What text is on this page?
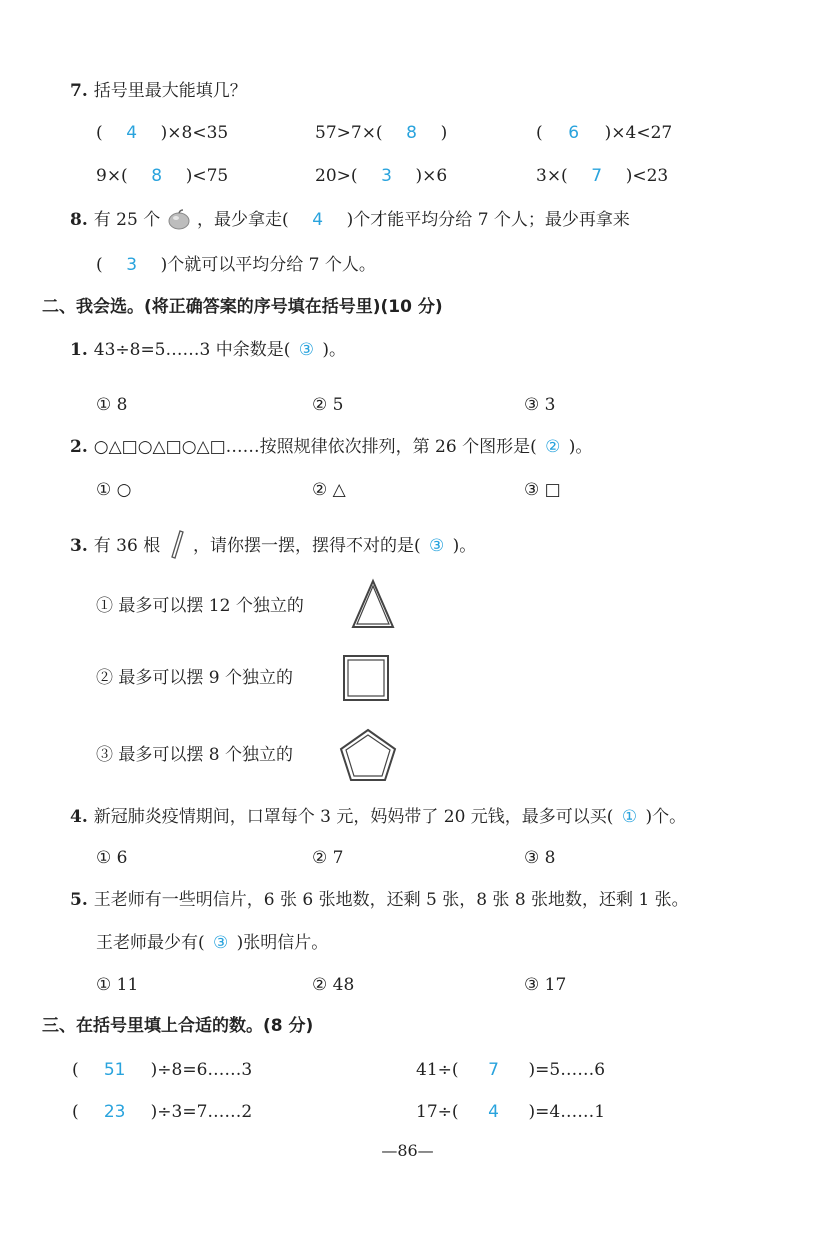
7. 括号里最大能填几？
( 4 )×8<35	57>7×( 8 )	( 6 )×4<27
9×( 8 )<75	20>( 3 )×6	3×( 7 )<23
8. 有 25 个 ，最少拿走( 4 )个才能平均分给 7 个人；最少再拿来
( 3 )个就可以平均分给 7 个人。
二、我会选。(将正确答案的序号填在括号里)(10 分)
1. 43÷8=5……3 中余数是( ③ )。
① 8	② 5	③ 3
2. ○△□○△□○△□……按照规律依次排列，第 26 个图形是( ② )。
① ○	② △	③ □
3. 有 36 根 ，请你摆一摆，摆得不对的是( ③ )。
① 最多可以摆 12 个独立的
② 最多可以摆 9 个独立的
③ 最多可以摆 8 个独立的
4. 新冠肺炎疫情期间，口罩每个 3 元，妈妈带了 20 元钱，最多可以买( ① )个。
① 6	② 7	③ 8
5. 王老师有一些明信片，6 张 6 张地数，还剩 5 张，8 张 8 张地数，还剩 1 张。
王老师最少有( ③ )张明信片。
① 11	② 48	③ 17
三、在括号里填上合适的数。(8 分)
( 51 )÷8=6……3	41÷( 7 )=5……6
( 23 )÷3=7……2	17÷( 4 )=4……1
—86—
